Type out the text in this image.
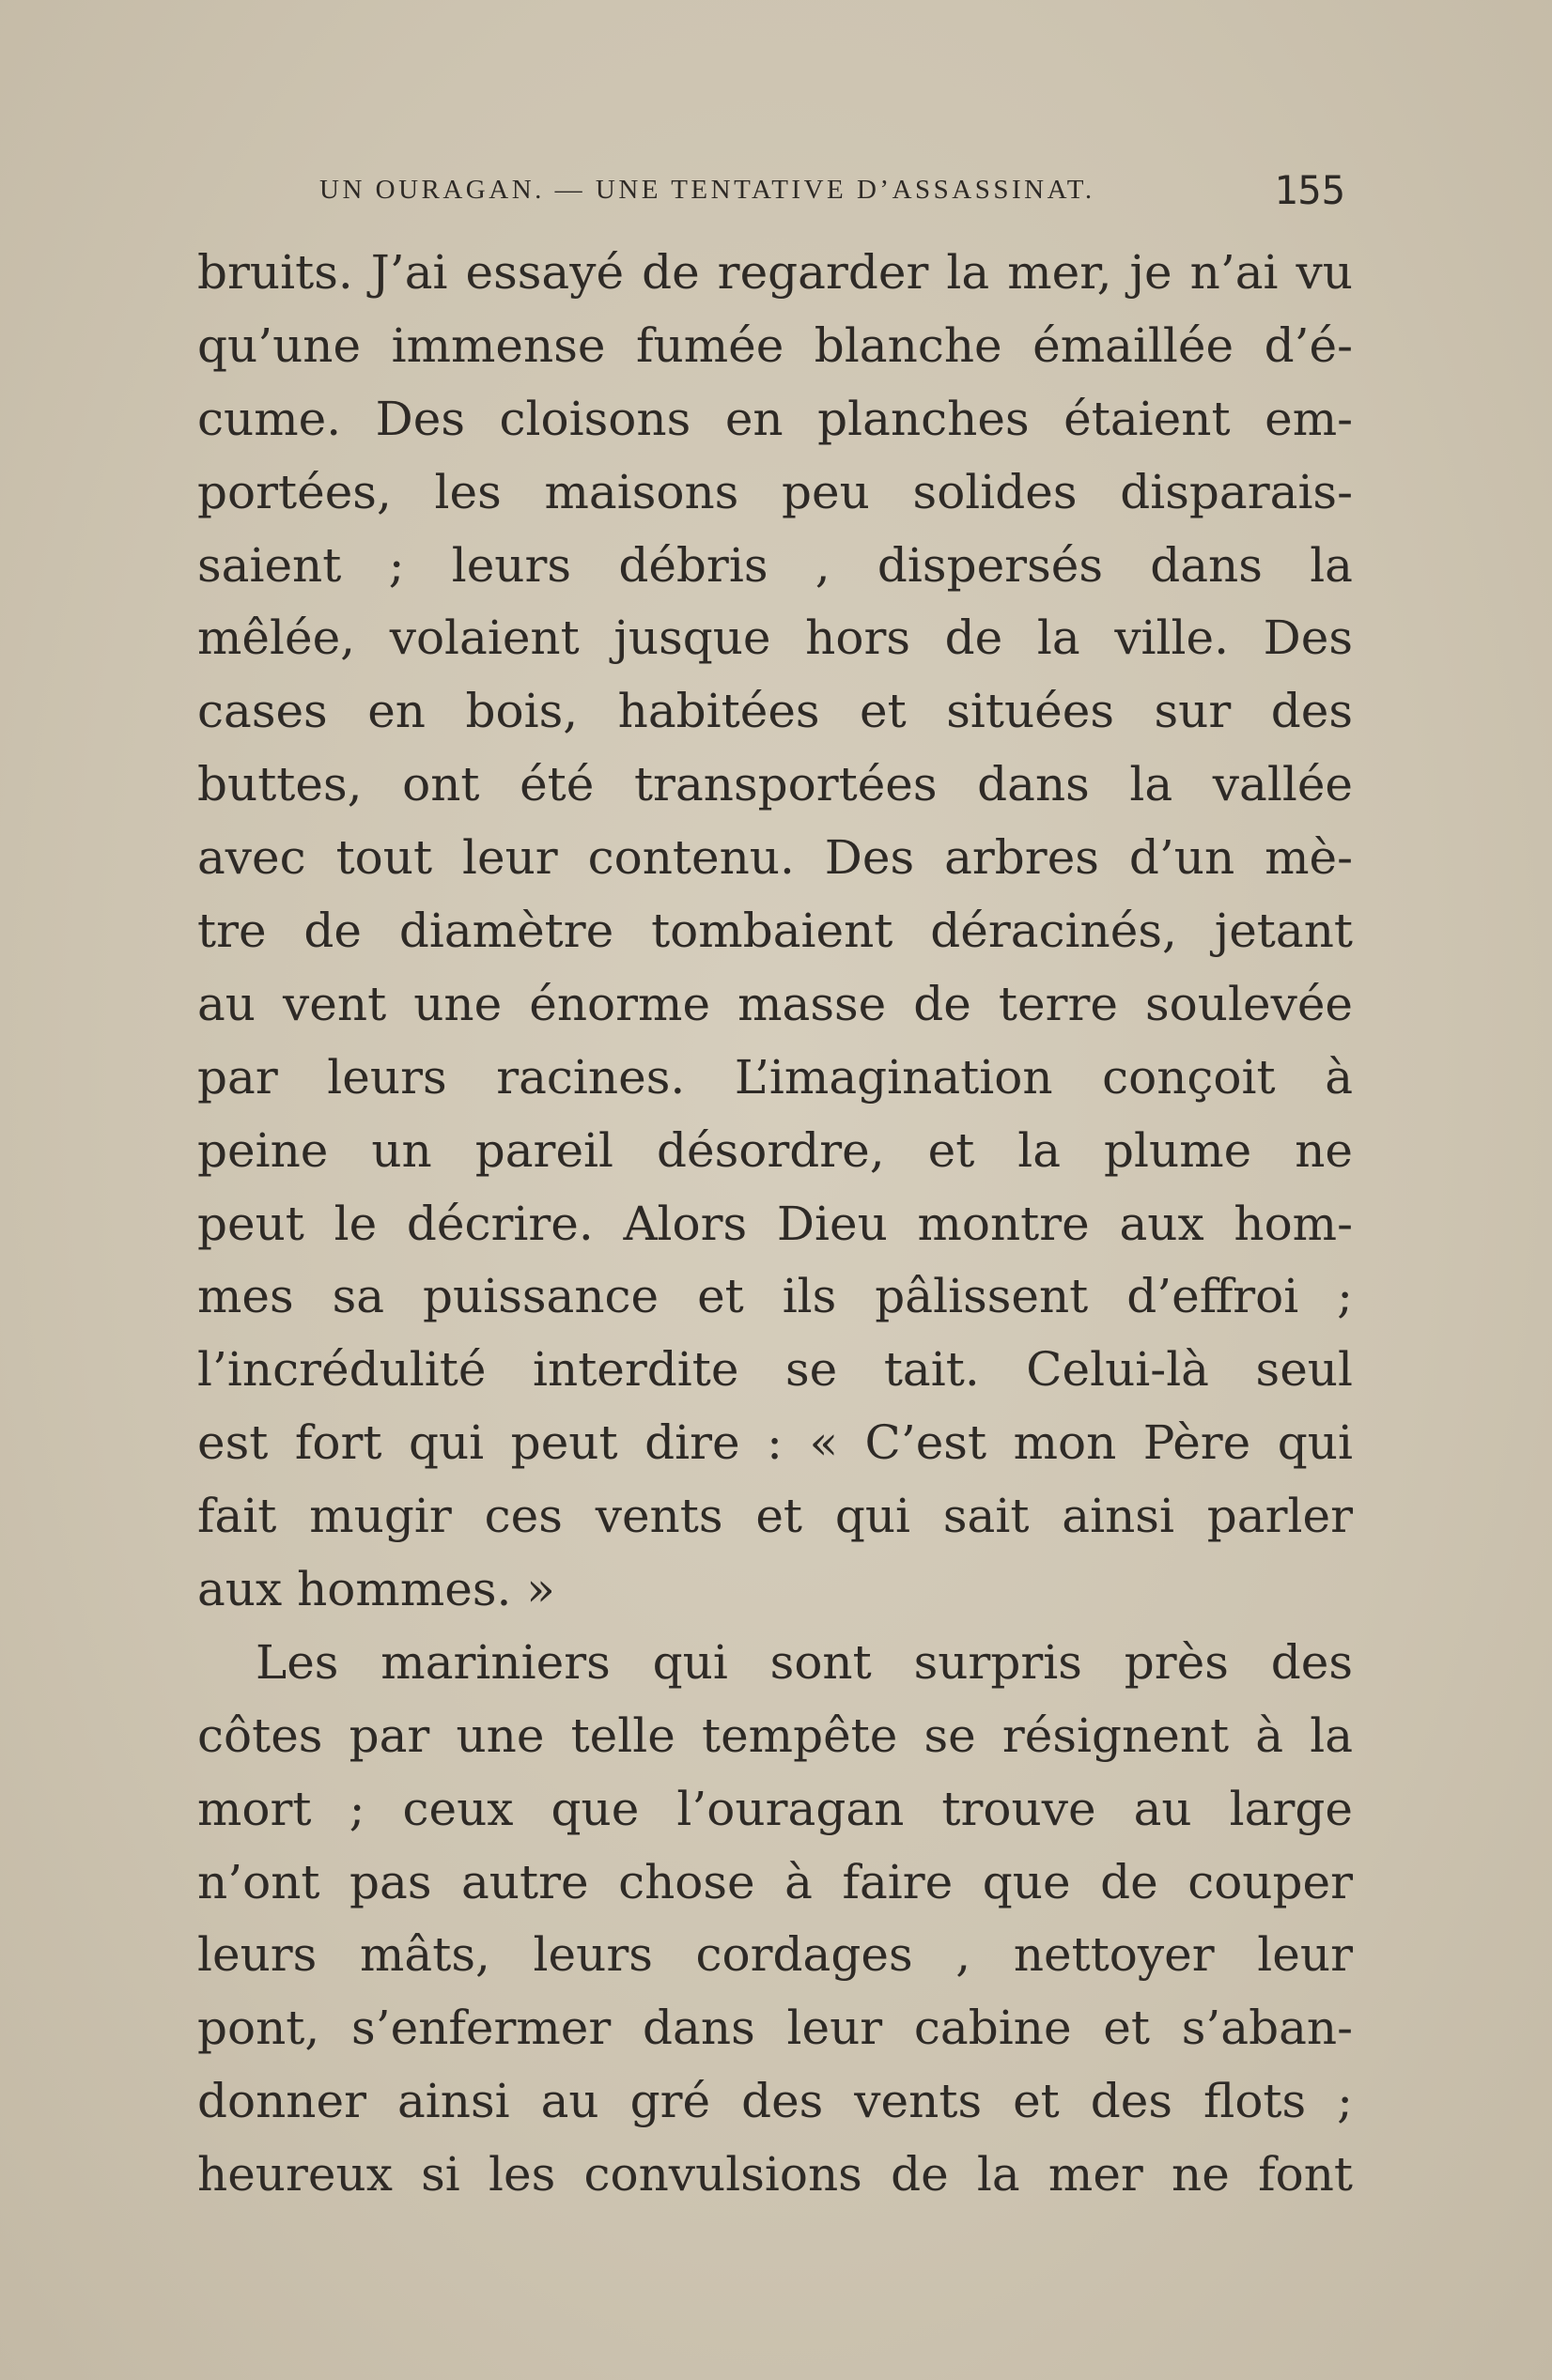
UN OURAGAN. — UNE TENTATIVE D’ASSASSINAT.	155
bruits. J’ai essayé de regarder la mer, je n’ai vu
qu’une immense fumée blanche émaillée d’é-
cume. Des cloisons en planches étaient em-
portées, les maisons peu solides disparais-
saient ; leurs débris , dispersés dans la
mêlée, volaient jusque hors de la ville. Des
cases en bois, habitées et situées sur des
buttes, ont été transportées dans la vallée
avec tout leur contenu. Des arbres d’un mè-
tre de diamètre tombaient déracinés, jetant
au vent une énorme masse de terre soulevée
par leurs racines. L’imagination conçoit à
peine un pareil désordre, et la plume ne
peut le décrire. Alors Dieu montre aux hom-
mes sa puissance et ils pâlissent d’effroi ;
l’incrédulité interdite se tait. Celui-là seul
est fort qui peut dire : « C’est mon Père qui
fait mugir ces vents et qui sait ainsi parler
aux hommes. »
Les mariniers qui sont surpris près des
côtes par une telle tempête se résignent à la
mort ; ceux que l’ouragan trouve au large
n’ont pas autre chose à faire que de couper
leurs mâts, leurs cordages , nettoyer leur
pont, s’enfermer dans leur cabine et s’aban-
donner ainsi au gré des vents et des flots ;
heureux si les convulsions de la mer ne font
